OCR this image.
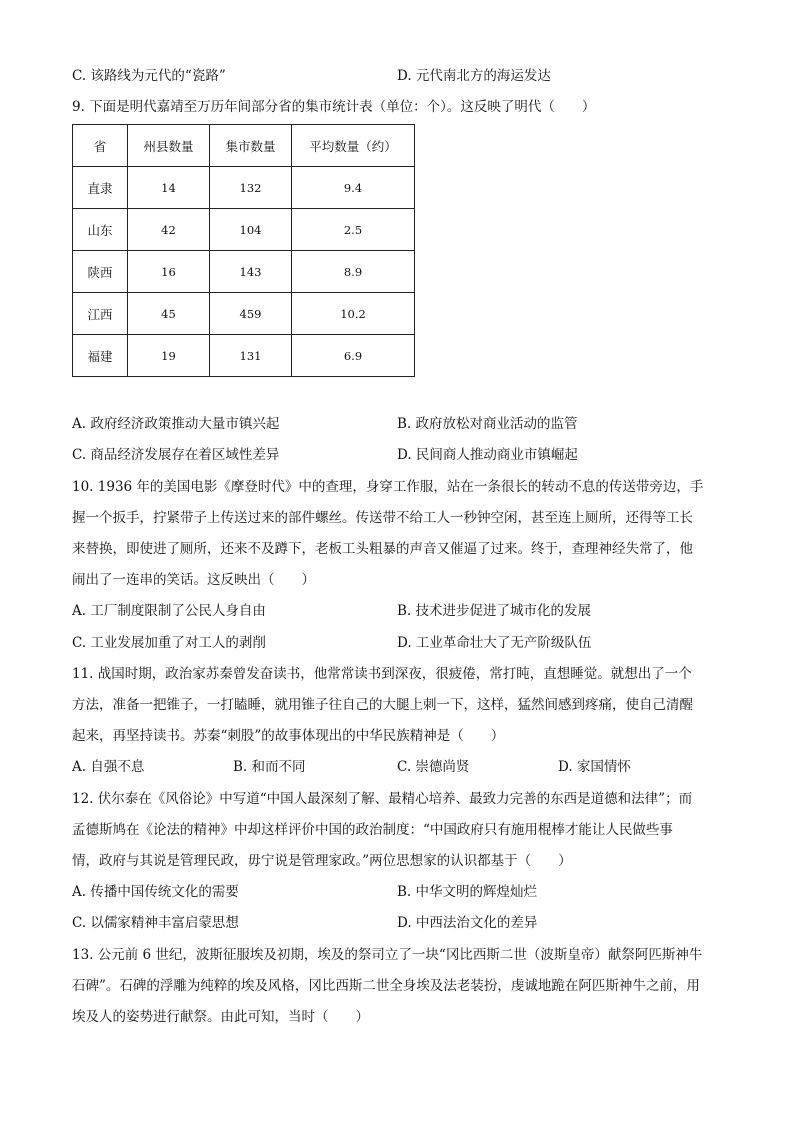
C. 该路线为元代的“瓷路”	D. 元代南北方的海运发达
9. 下面是明代嘉靖至万历年间部分省的集市统计表（单位：个）。这反映了明代（　　）
省	州县数量	集市数量	平均数量（约）
直隶	14	132	9.4
山东	42	104	2.5
陕西	16	143	8.9
江西	45	459	10.2
福建	19	131	6.9
A. 政府经济政策推动大量市镇兴起	B. 政府放松对商业活动的监管
C. 商品经济发展存在着区域性差异	D. 民间商人推动商业市镇崛起
10. 1936 年的美国电影《摩登时代》中的查理，身穿工作服，站在一条很长的转动不息的传送带旁边，手
握一个扳手，拧紧带子上传送过来的部件螺丝。传送带不给工人一秒钟空闲，甚至连上厕所，还得等工长
来替换，即使进了厕所，还来不及蹲下，老板工头粗暴的声音又催逼了过来。终于，查理神经失常了，他
闹出了一连串的笑话。这反映出（　　）
A. 工厂制度限制了公民人身自由	B. 技术进步促进了城市化的发展
C. 工业发展加重了对工人的剥削	D. 工业革命壮大了无产阶级队伍
11. 战国时期，政治家苏秦曾发奋读书，他常常读书到深夜，很疲倦，常打盹，直想睡觉。就想出了一个
方法，准备一把锥子，一打瞌睡，就用锥子往自己的大腿上刺一下，这样，猛然间感到疼痛，使自己清醒
起来，再坚持读书。苏秦“刺股”的故事体现出的中华民族精神是（　　）
A. 自强不息	B. 和而不同	C. 崇德尚贤	D. 家国情怀
12. 伏尔泰在《风俗论》中写道“中国人最深刻了解、最精心培养、最致力完善的东西是道德和法律”；而
孟德斯鸠在《论法的精神》中却这样评价中国的政治制度：“中国政府只有施用棍棒才能让人民做些事
情，政府与其说是管理民政，毋宁说是管理家政。”两位思想家的认识都基于（　　）
A. 传播中国传统文化的需要	B. 中华文明的辉煌灿烂
C. 以儒家精神丰富启蒙思想	D. 中西法治文化的差异
13. 公元前 6 世纪，波斯征服埃及初期，埃及的祭司立了一块“冈比西斯二世（波斯皇帝）献祭阿匹斯神牛
石碑”。石碑的浮雕为纯粹的埃及风格，冈比西斯二世全身埃及法老装扮，虔诚地跪在阿匹斯神牛之前，用
埃及人的姿势进行献祭。由此可知，当时（　　）
